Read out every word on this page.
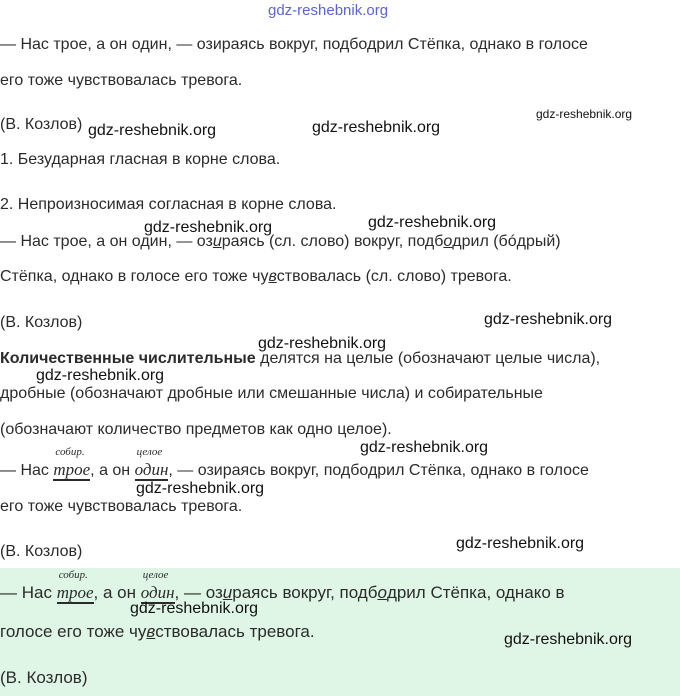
gdz-reshebnik.org
— Нас трое, а он один, — озираясь вокруг, подбодрил Стёпка, однако в голосе
его тоже чувствовалась тревога.
(В. Козлов) gdz-reshebnik.org	gdz-reshebnik.org
gdz-reshebnik.org
1. Безударная гласная в корне слова.
2. Непроизносимая согласная в корне слова.
gdz-reshebnik.org	gdz-reshebnik.org
— Нас трое, а он один, — озираясь (сл. слово) вокруг, подбодрил (бóдрый)
Стёпка, однако в голосе его тоже чувствовалась (сл. слово) тревога.
(В. Козлов)	gdz-reshebnik.org
gdz-reshebnik.org
Количественные числительные делятся на целые (обозначают целые числа),
gdz-reshebnik.org
дробные (обозначают дробные или смешанные числа) и собирательные
(обозначают количество предметов как одно целое).
gdz-reshebnik.org
— Нас
собир.
трое, а он
целое
один, — озираясь вокруг, подбодрил Стёпка, однако в голосе
gdz-reshebnik.org
его тоже чувствовалась тревога.
(В. Козлов)	gdz-reshebnik.org
— Нас
собир.
трое, а он
целое
один, — озираясь вокруг, подбодрил Стёпка, однако в
gdz-reshebnik.org
голосе его тоже чувствовалась тревога.	gdz-reshebnik.org
(В. Козлов)
